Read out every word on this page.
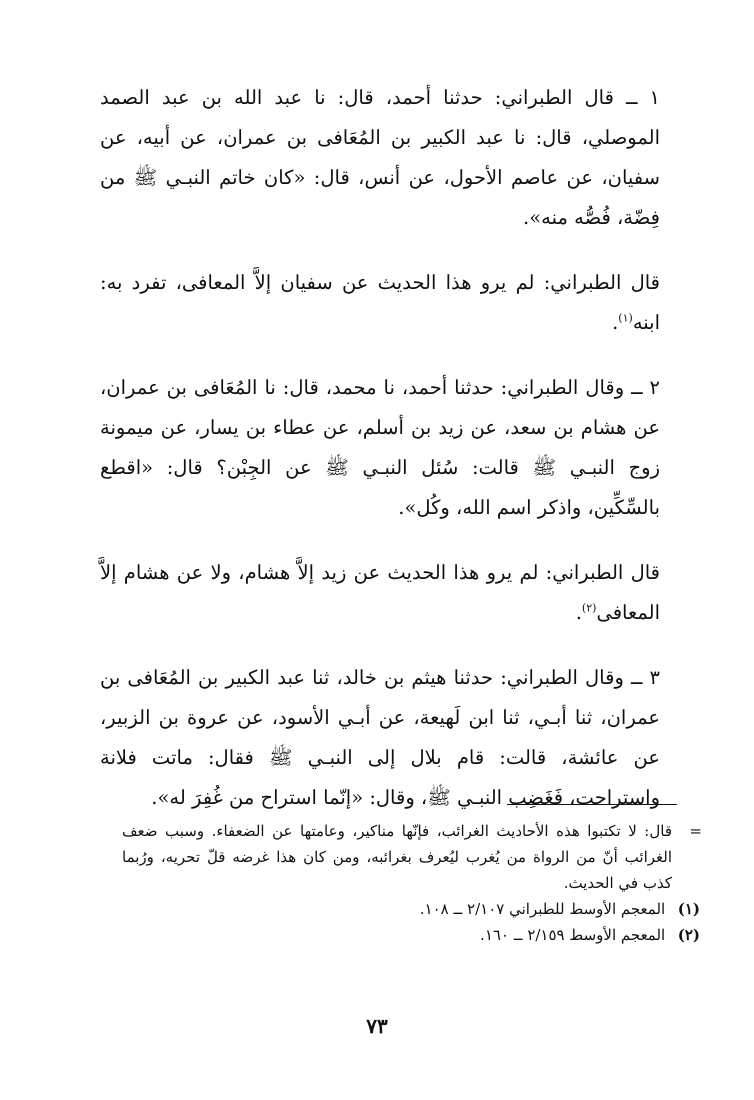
١ ــ قال الطبراني: حدثنا أحمد، قال: نا عبد الله بن عبد الصمد الموصلي، قال: نا عبد الكبير بن المُعَافى بن عمران، عن أبيه، عن سفيان، عن عاصم الأحول، عن أنس، قال: «كان خاتم النبـي ﷺ من فِضّة، فُصُّه منه».

قال الطبراني: لم يرو هذا الحديث عن سفيان إلاَّ المعافى، تفرد به: ابنه$^{(١)}$.

٢ ــ وقال الطبراني: حدثنا أحمد، نا محمد، قال: نا المُعَافى بن عمران، عن هشام بن سعد، عن زيد بن أسلم، عن عطاء بن يسار، عن ميمونة زوج النبـي ﷺ قالت: سُئل النبـي ﷺ عن الجِبْن؟ قال: «اقطع بالسِّكِّين، واذكر اسم الله، وكُل».

قال الطبراني: لم يرو هذا الحديث عن زيد إلاَّ هشام، ولا عن هشام إلاَّ المعافى$^{(٢)}$.

٣ ــ وقال الطبراني: حدثنا هيثم بن خالد، ثنا عبد الكبير بن المُعَافى بن عمران، ثنا أبـي، ثنا ابن لَهيعة، عن أبـي الأسود، عن عروة بن الزبير، عن عائشة، قالت: قام بلال إلى النبـي ﷺ فقال: ماتت فلانة واستراحت، فَغَضِب النبـي ﷺ، وقال: «إنّما استراح من غُفِرَ له».

=
قال: لا تكتبوا هذه الأحاديث الغرائب، فإنّها مناكير، وعامتها عن الضعفاء. وسبب ضعف الغرائب أنّ من الرواة من يُغرب ليُعرف بغرائبه، ومن كان هذا غرضه قلّ تحريه، ورُبما كذب في الحديث.

(١) المعجم الأوسط للطبراني ٢/١٠٧ ــ ١٠٨.

(٢) المعجم الأوسط ٢/١٥٩ ــ ١٦٠.

٧٣
